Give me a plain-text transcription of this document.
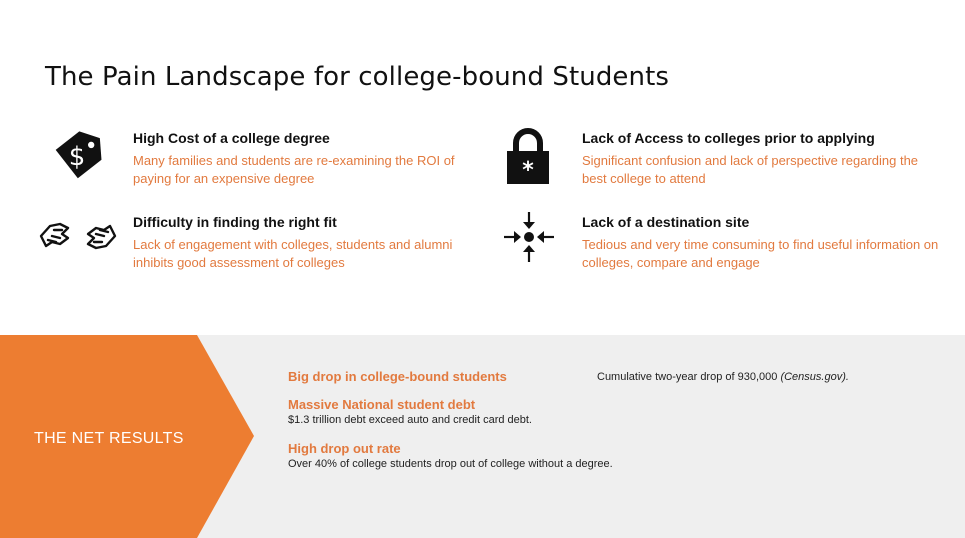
The Pain Landscape for college-bound Students
$
High Cost of a college degree
Many families and students are re-examining the ROI of paying for an expensive degree	*
Lack of Access to colleges prior to applying
Significant confusion and lack of perspective regarding the best college to attend
Difficulty in finding the right fit
Lack of engagement with colleges, students and alumni inhibits good assessment of colleges
Lack of a destination site
Tedious and very time consuming to find useful information on colleges, compare and engage
THE NET RESULTS
Big drop in college-bound students	Cumulative two-year drop of 930,000 (Census.gov).
Massive National student debt
$1.3 trillion debt exceed auto and credit card debt.
High drop out rate
Over 40% of college students drop out of college without a degree.
